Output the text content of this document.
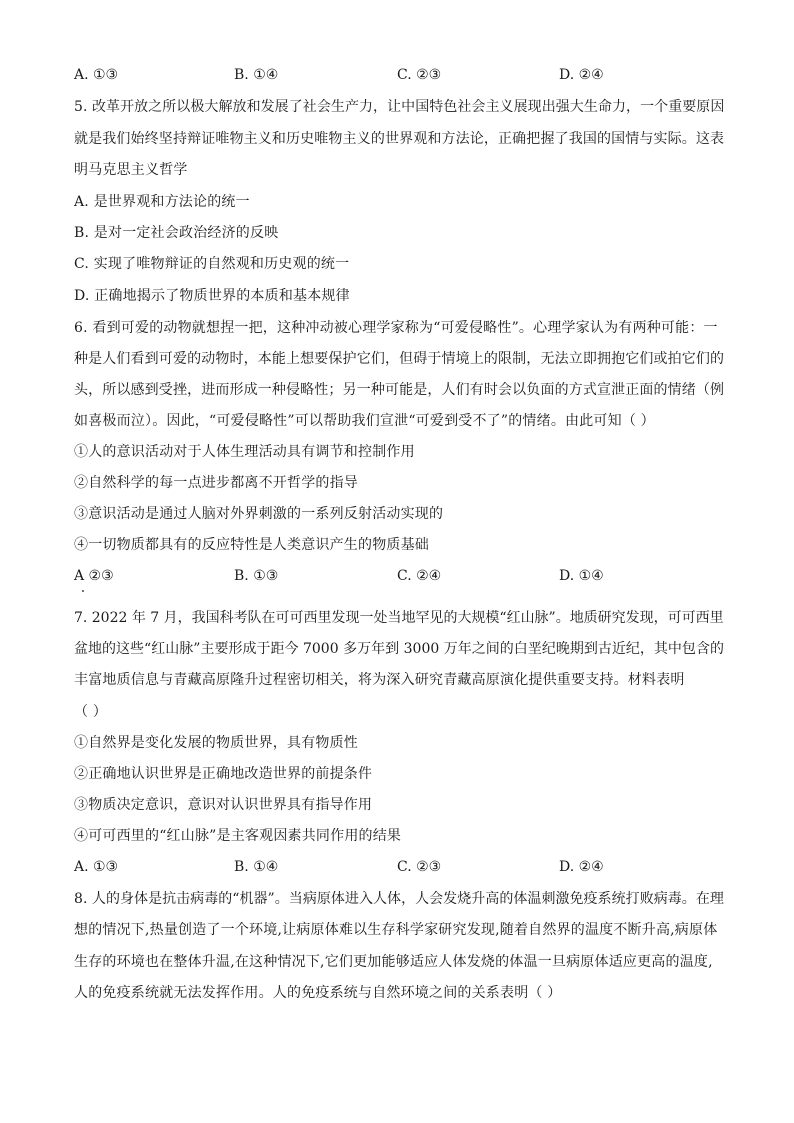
A. ①③	B. ①④	C. ②③	D. ②④
5. 改革开放之所以极大解放和发展了社会生产力，让中国特色社会主义展现出强大生命力，一个重要原因
就是我们始终坚持辩证唯物主义和历史唯物主义的世界观和方法论，正确把握了我国的国情与实际。这表
明马克思主义哲学
A. 是世界观和方法论的统一
B. 是对一定社会政治经济的反映
C. 实现了唯物辩证的自然观和历史观的统一
D. 正确地揭示了物质世界的本质和基本规律
6. 看到可爱的动物就想捏一把，这种冲动被心理学家称为“可爱侵略性”。心理学家认为有两种可能：一
种是人们看到可爱的动物时，本能上想要保护它们，但碍于情境上的限制，无法立即拥抱它们或拍它们的
头，所以感到受挫，进而形成一种侵略性；另一种可能是，人们有时会以负面的方式宣泄正面的情绪（例
如喜极而泣）。因此，“可爱侵略性”可以帮助我们宣泄“可爱到受不了”的情绪。由此可知（ ）
①人的意识活动对于人体生理活动具有调节和控制作用
②自然科学的每一点进步都离不开哲学的指导
③意识活动是通过人脑对外界刺激的一系列反射活动实现的
④一切物质都具有的反应特性是人类意识产生的物质基础
A ②③	B. ①③	C. ②④	D. ①④
7. 2022 年 7 月，我国科考队在可可西里发现一处当地罕见的大规模“红山脉”。地质研究发现，可可西里
盆地的这些“红山脉”主要形成于距今 7000 多万年到 3000 万年之间的白垩纪晚期到古近纪，其中包含的
丰富地质信息与青藏高原隆升过程密切相关，将为深入研究青藏高原演化提供重要支持。材料表明
（ ）
①自然界是变化发展的物质世界，具有物质性
②正确地认识世界是正确地改造世界的前提条件
③物质决定意识，意识对认识世界具有指导作用
④可可西里的“红山脉”是主客观因素共同作用的结果
A. ①③	B. ①④	C. ②③	D. ②④
8. 人的身体是抗击病毒的“机器”。当病原体进入人体，人会发烧升高的体温刺激免疫系统打败病毒。在理
想的情况下,热量创造了一个环境,让病原体难以生存科学家研究发现,随着自然界的温度不断升高,病原体
生存的环境也在整体升温,在这种情况下,它们更加能够适应人体发烧的体温一旦病原体适应更高的温度,
人的免疫系统就无法发挥作用。人的免疫系统与自然环境之间的关系表明（ ）
